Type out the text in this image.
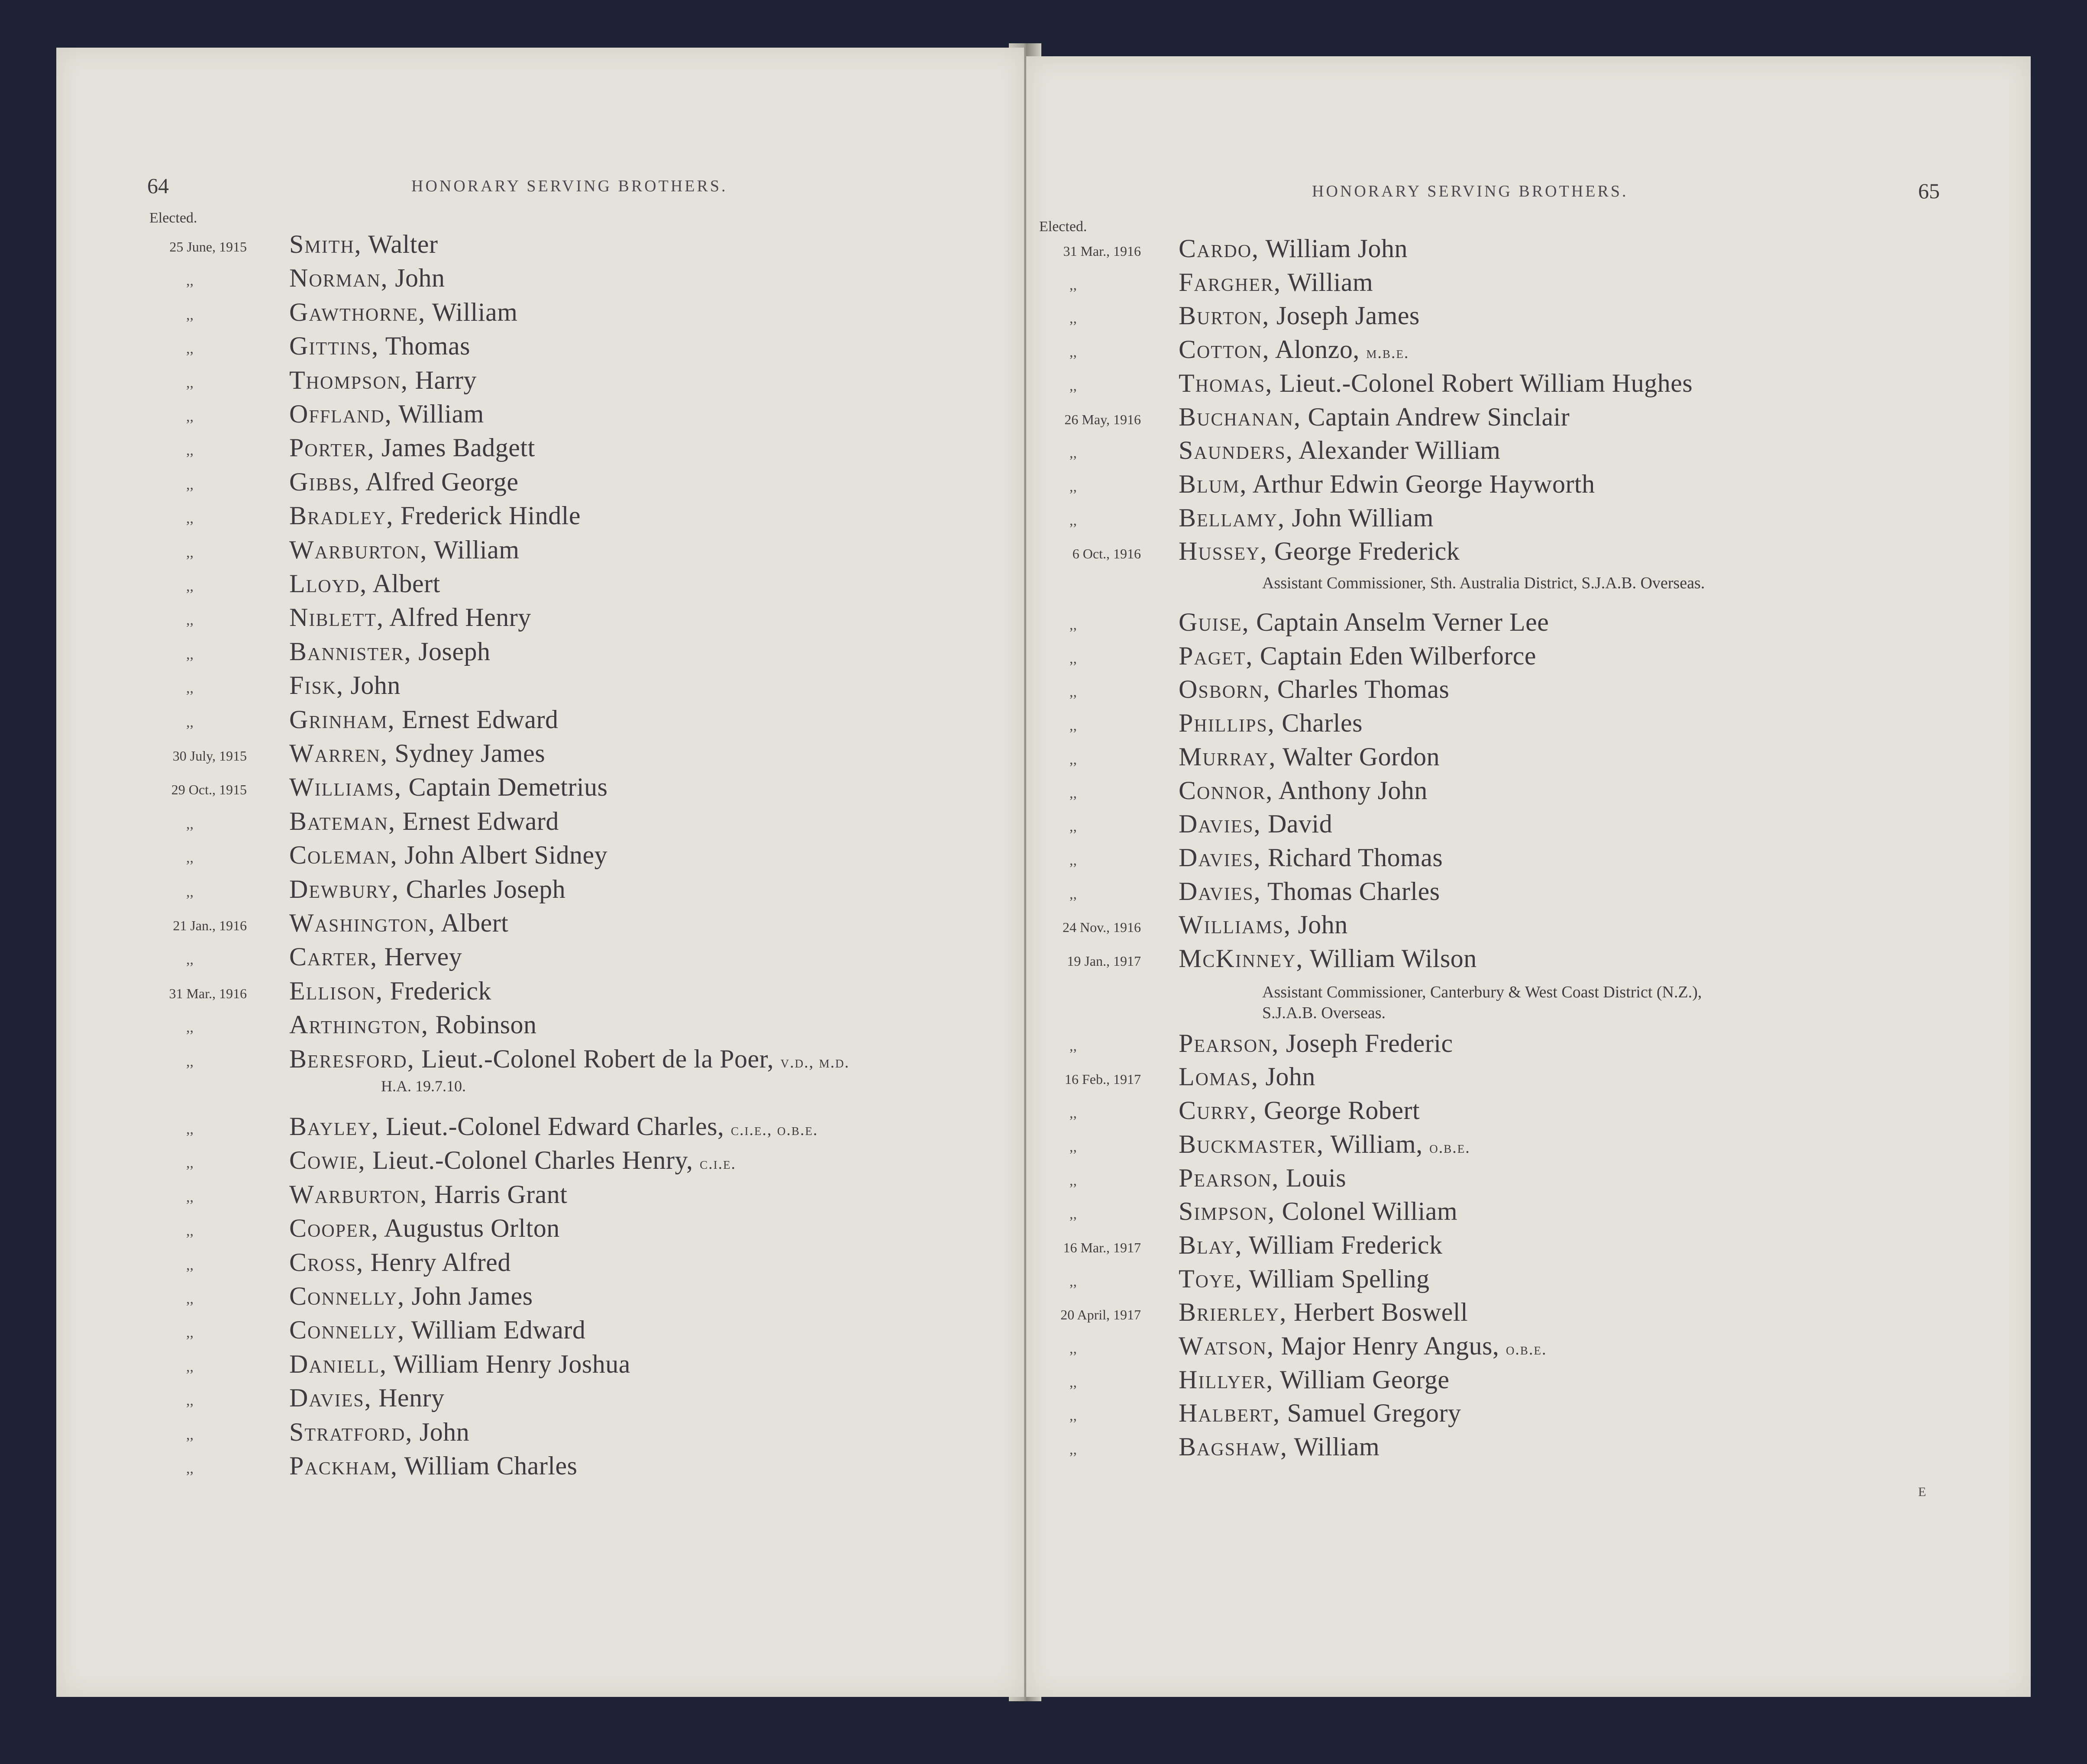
64	HONORARY SERVING BROTHERS.
Elected.
25 June, 1915 Smith, Walter
,,	Norman, John
,,	Gawthorne, William
,,	Gittins, Thomas
,,	Thompson, Harry
,,	Offland, William
,,	Porter, James Badgett
,,	Gibbs, Alfred George
,,	Bradley, Frederick Hindle
,,	Warburton, William
,,	Lloyd, Albert
,,	Niblett, Alfred Henry
,,	Bannister, Joseph
,,	Fisk, John
,,	Grinham, Ernest Edward
30 July, 1915 Warren, Sydney James
29 Oct., 1915 Williams, Captain Demetrius
,,	Bateman, Ernest Edward
,,	Coleman, John Albert Sidney
,,	Dewbury, Charles Joseph
21 Jan., 1916 Washington, Albert
,,	Carter, Hervey
31 Mar., 1916 Ellison, Frederick
,,	Arthington, Robinson
,,	Beresford, Lieut.-Colonel Robert de la Poer, v.d., m.d.
,,	Bayley, Lieut.-Colonel Edward Charles, c.i.e., o.b.e.
,,	Cowie, Lieut.-Colonel Charles Henry, c.i.e.
,,	Warburton, Harris Grant
,,	Cooper, Augustus Orlton
,,	Cross, Henry Alfred
,,	Connelly, John James
,,	Connelly, William Edward
,,	Daniell, William Henry Joshua
,,	Davies, Henry
,,	Stratford, John
,,	Packham, William Charles
H.A. 19.7.10.
HONORARY SERVING BROTHERS.	65
Elected.
31 Mar., 1916 Cardo, William John
,,	Fargher, William
,,	Burton, Joseph James
,,	Cotton, Alonzo, m.b.e.
,,	Thomas, Lieut.-Colonel Robert William Hughes
26 May, 1916 Buchanan, Captain Andrew Sinclair
,,	Saunders, Alexander William
,,	Blum, Arthur Edwin George Hayworth
,,	Bellamy, John William
6 Oct., 1916 Hussey, George Frederick
,,	Guise, Captain Anselm Verner Lee
,,	Paget, Captain Eden Wilberforce
,,	Osborn, Charles Thomas
,,	Phillips, Charles
,,	Murray, Walter Gordon
,,	Connor, Anthony John
,,	Davies, David
,,	Davies, Richard Thomas
,,	Davies, Thomas Charles
24 Nov., 1916 Williams, John
19 Jan., 1917 McKinney, William Wilson
,,	Pearson, Joseph Frederic
16 Feb., 1917 Lomas, John
,,	Curry, George Robert
,,	Buckmaster, William, o.b.e.
,,	Pearson, Louis
,,	Simpson, Colonel William
16 Mar., 1917 Blay, William Frederick
,,	Toye, William Spelling
20 April, 1917 Brierley, Herbert Boswell
,,	Watson, Major Henry Angus, o.b.e.
,,	Hillyer, William George
,,	Halbert, Samuel Gregory
,,	Bagshaw, William
Assistant Commissioner, Sth. Australia District, S.J.A.B. Overseas.
Assistant Commissioner, Canterbury & West Coast District (N.Z.),
S.J.A.B. Overseas.
E
